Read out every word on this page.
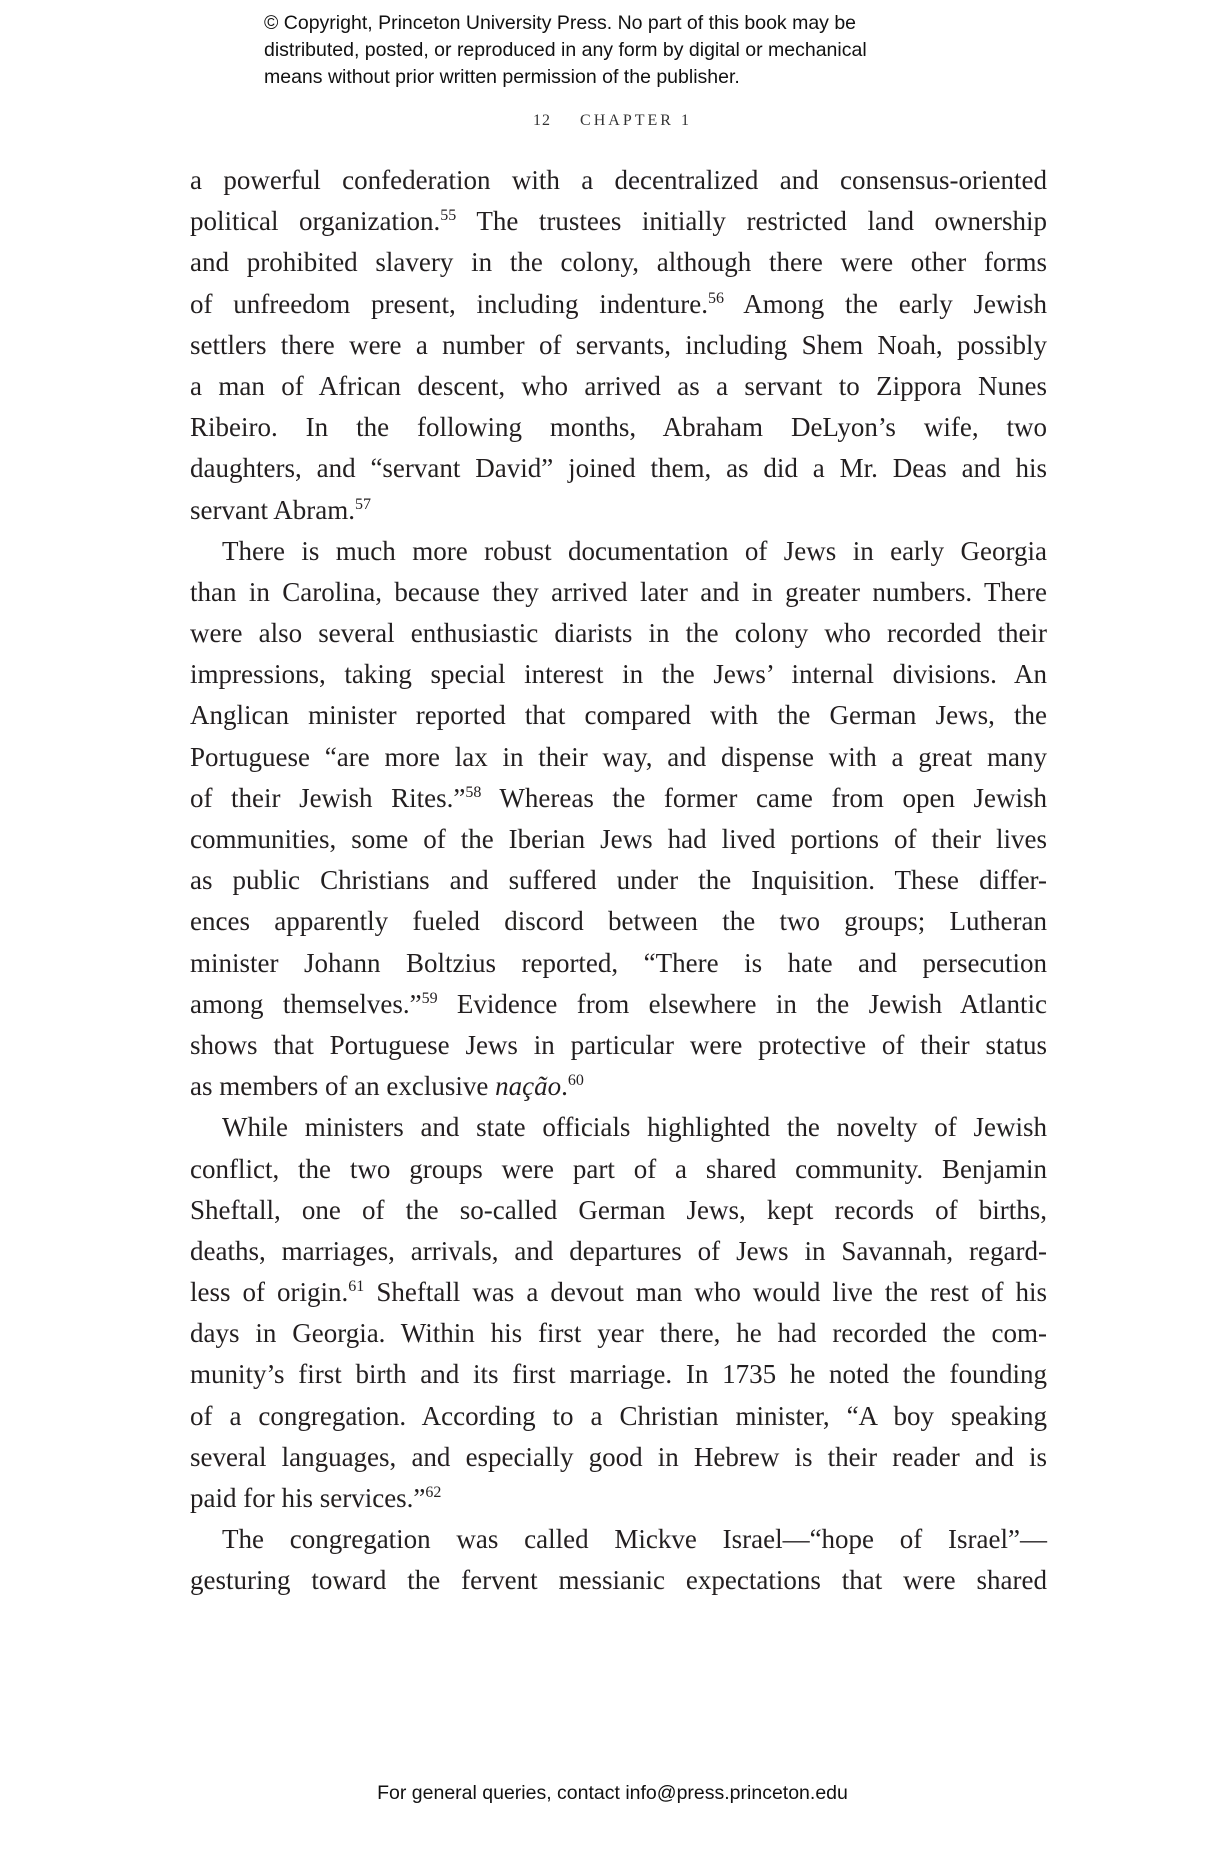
© Copyright, Princeton University Press. No part of this book may be
distributed, posted, or reproduced in any form by digital or mechanical
means without prior written permission of the publisher.
12 CHAPTER 1
a powerful confederation with a decentralized and consensus-oriented
political organization.$^{55}$ The trustees initially restricted land ownership
and prohibited slavery in the colony, although there were other forms
of unfreedom present, including indenture.$^{56}$ Among the early Jewish
settlers there were a number of servants, including Shem Noah, possibly
a man of African descent, who arrived as a servant to Zippora Nunes
Ribeiro. In the following months, Abraham DeLyon’s wife, two
daughters, and “servant David” joined them, as did a Mr. Deas and his
servant Abram.$^{57}$
There is much more robust documentation of Jews in early Georgia
than in Carolina, because they arrived later and in greater numbers. There
were also several enthusiastic diarists in the colony who recorded their
impressions, taking special interest in the Jews’ internal divisions. An
Anglican minister reported that compared with the German Jews, the
Portuguese “are more lax in their way, and dispense with a great many
of their Jewish Rites.”$^{58}$ Whereas the former came from open Jewish
communities, some of the Iberian Jews had lived portions of their lives
as public Christians and suffered under the Inquisition. These differ-
ences apparently fueled discord between the two groups; Lutheran
minister Johann Boltzius reported, “There is hate and persecution
among themselves.”$^{59}$ Evidence from elsewhere in the Jewish Atlantic
shows that Portuguese Jews in particular were protective of their status
as members of an exclusive nação.$^{60}$
While ministers and state officials highlighted the novelty of Jewish
conflict, the two groups were part of a shared community. Benjamin
Sheftall, one of the so-called German Jews, kept records of births,
deaths, marriages, arrivals, and departures of Jews in Savannah, regard-
less of origin.$^{61}$ Sheftall was a devout man who would live the rest of his
days in Georgia. Within his first year there, he had recorded the com-
munity’s first birth and its first marriage. In 1735 he noted the founding
of a congregation. According to a Christian minister, “A boy speaking
several languages, and especially good in Hebrew is their reader and is
paid for his services.”$^{62}$
The congregation was called Mickve Israel—“hope of Israel”—
gesturing toward the fervent messianic expectations that were shared
For general queries, contact info@press.princeton.edu
